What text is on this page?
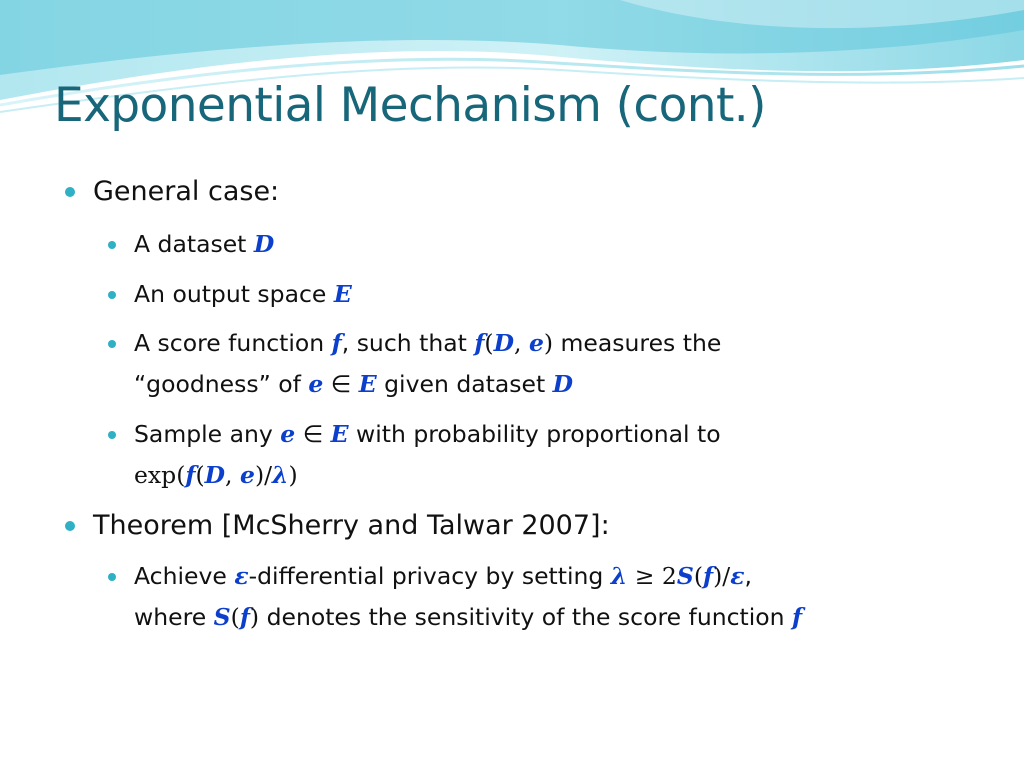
Exponential Mechanism (cont.)
General case:
A dataset D
An output space E
A score function f, such that f(D, e) measures the
“goodness” of e ∈ E given dataset D
Sample any e ∈ E with probability proportional to
exp(f(D, e)/λ)
Theorem [McSherry and Talwar 2007]:
Achieve ε-differential privacy by setting λ ≥ 2S(f)/ε,
where S(f) denotes the sensitivity of the score function f
